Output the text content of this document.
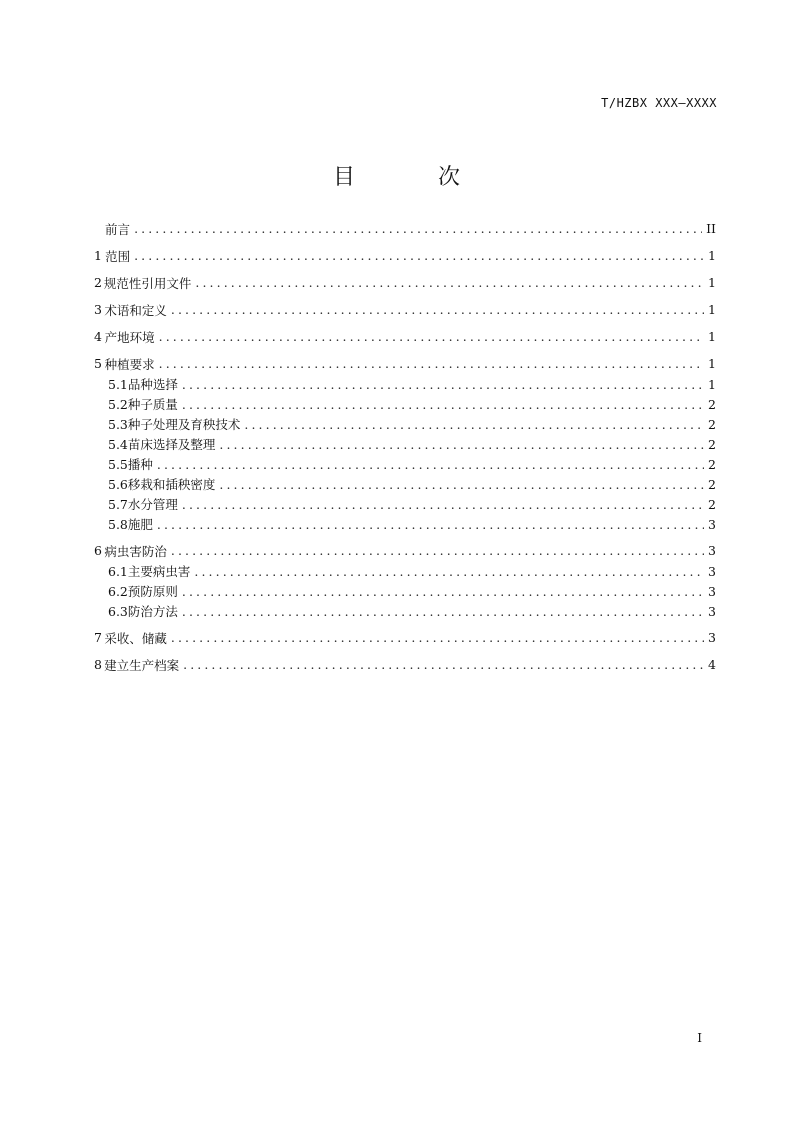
T/HZBX XXX—XXXX
目 次
前言 .....	II
1 范围 .....	1
2 规范性引用文件 .....	1
3 术语和定义 .....	1
4 产地环境 .....	1
5 种植要求 .....	1
5.1 品种选择 .....	1
5.2 种子质量 .....	2
5.3 种子处理及育秧技术 .....	2
5.4 苗床选择及整理 .....	2
5.5 播种 .....	2
5.6 移栽和插秧密度 .....	2
5.7 水分管理 .....	2
5.8 施肥 .....	3
6 病虫害防治 .....	3
6.1 主要病虫害 .....	3
6.2 预防原则 .....	3
6.3 防治方法 .....	3
7 采收、储藏 .....	3
8 建立生产档案 .....	4
I
